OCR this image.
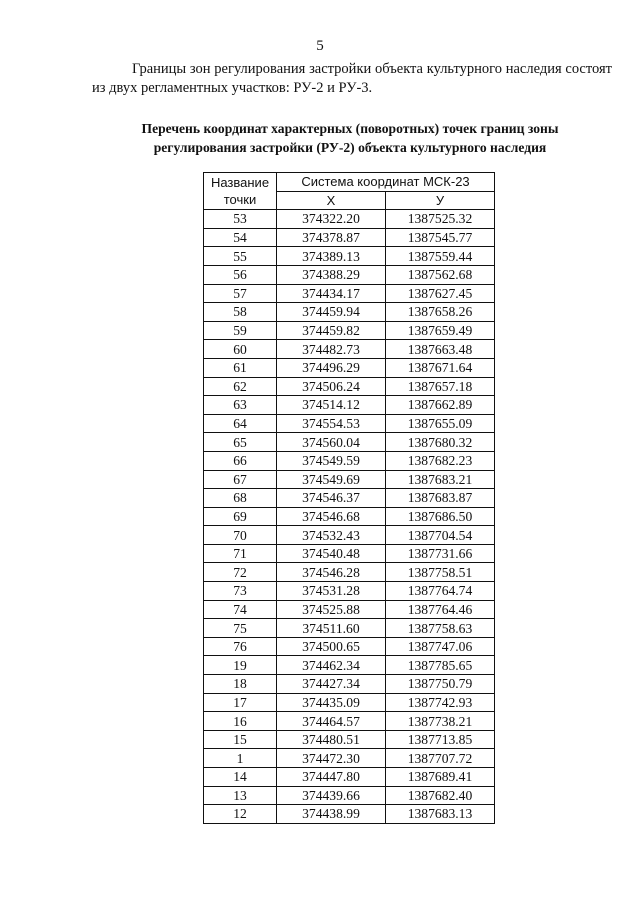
5

Границы зон регулирования застройки объекта культурного наследия состоят из двух регламентных участков: РУ-2 и РУ-3.

Перечень координат характерных (поворотных) точек границ зоны
регулирования застройки (РУ-2) объекта культурного наследия
Название
точки	Система координат МСК-23	
	X	У
53	374322.20	1387525.32
54	374378.87	1387545.77
55	374389.13	1387559.44
56	374388.29	1387562.68
57	374434.17	1387627.45
58	374459.94	1387658.26
59	374459.82	1387659.49
60	374482.73	1387663.48
61	374496.29	1387671.64
62	374506.24	1387657.18
63	374514.12	1387662.89
64	374554.53	1387655.09
65	374560.04	1387680.32
66	374549.59	1387682.23
67	374549.69	1387683.21
68	374546.37	1387683.87
69	374546.68	1387686.50
70	374532.43	1387704.54
71	374540.48	1387731.66
72	374546.28	1387758.51
73	374531.28	1387764.74
74	374525.88	1387764.46
75	374511.60	1387758.63
76	374500.65	1387747.06
19	374462.34	1387785.65
18	374427.34	1387750.79
17	374435.09	1387742.93
16	374464.57	1387738.21
15	374480.51	1387713.85
1	374472.30	1387707.72
14	374447.80	1387689.41
13	374439.66	1387682.40
12	374438.99	1387683.13
